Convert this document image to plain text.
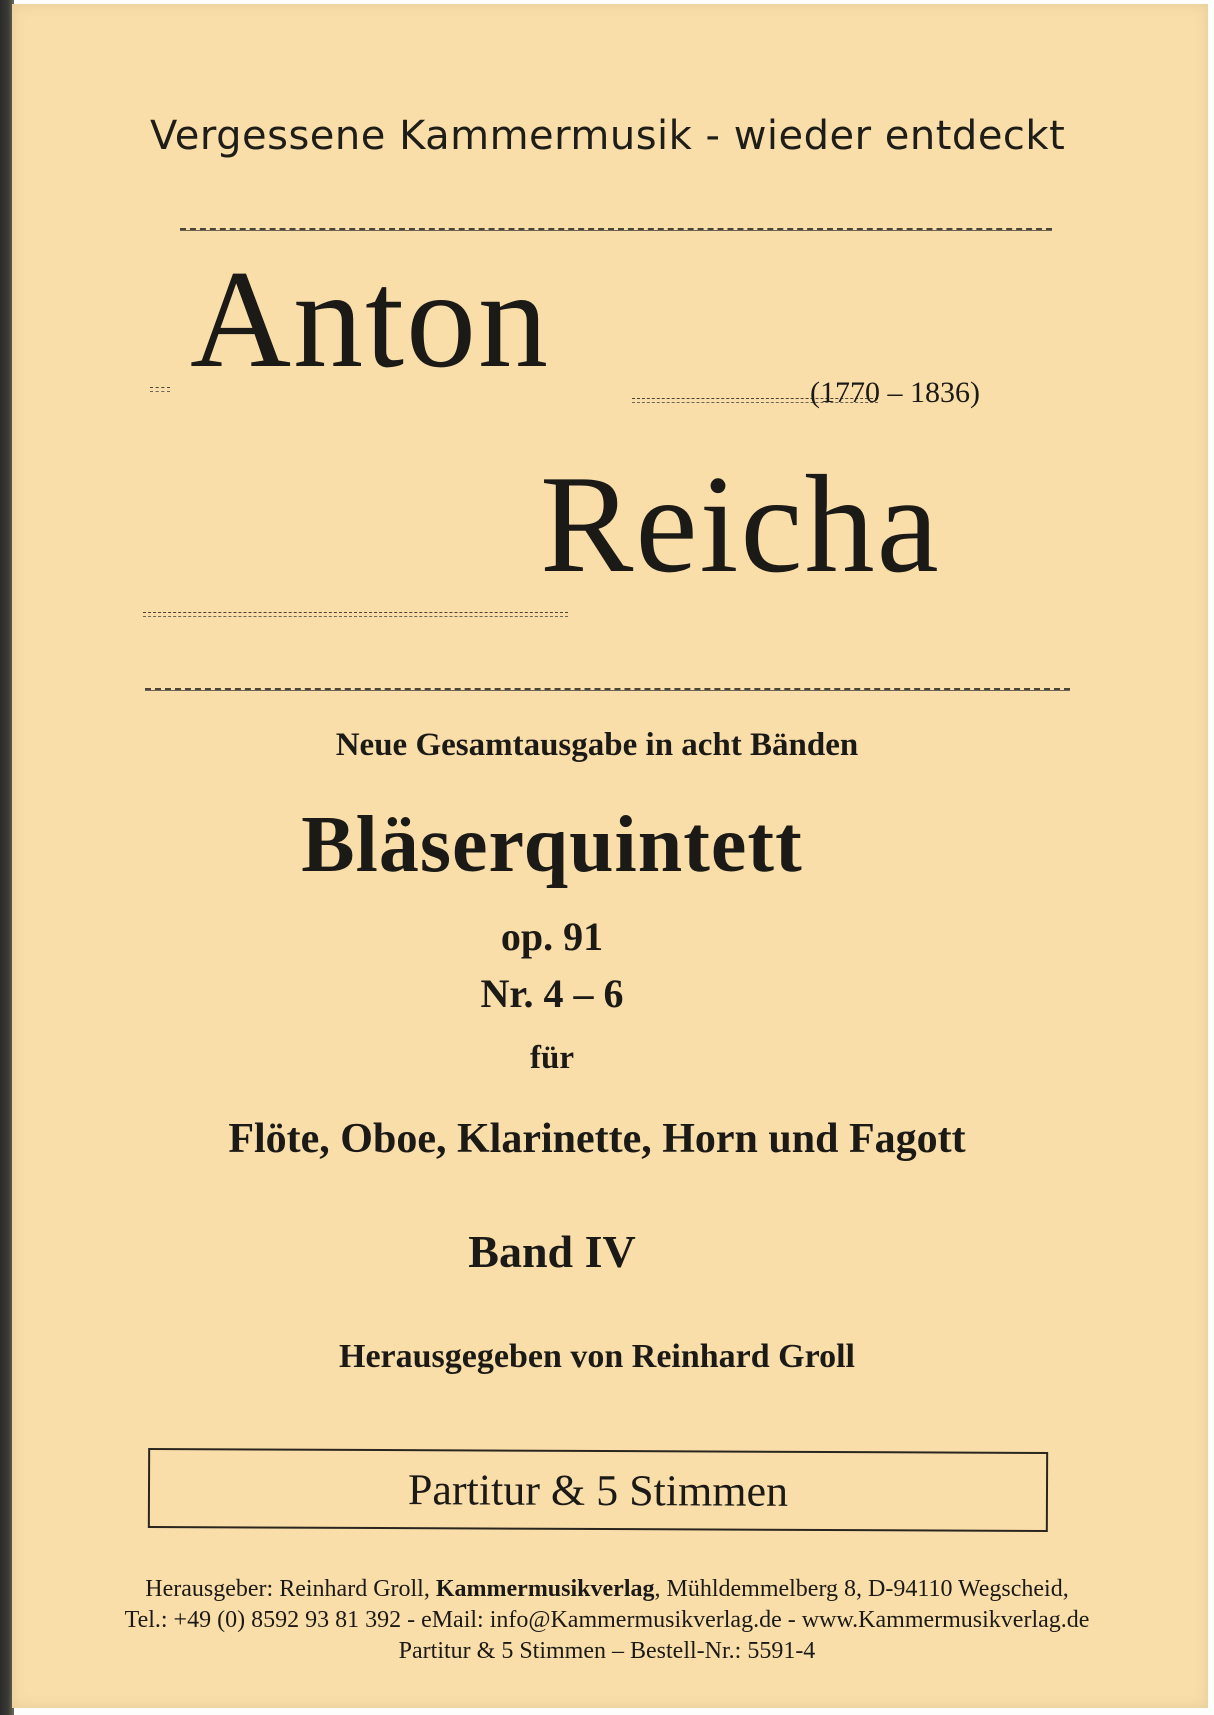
Vergessene Kammermusik - wieder entdeckt
Anton	(1770 – 1836)
Reicha
Neue Gesamtausgabe in acht Bänden
Bläserquintett
op. 91
Nr. 4 – 6
für
Flöte, Oboe, Klarinette, Horn und Fagott
Band IV
Herausgegeben von Reinhard Groll
Partitur & 5 Stimmen
Herausgeber: Reinhard Groll, Kammermusikverlag, Mühldemmelberg 8, D-94110 Wegscheid,
Tel.: +49 (0) 8592 93 81 392 - eMail: info@Kammermusikverlag.de - www.Kammermusikverlag.de
Partitur & 5 Stimmen – Bestell-Nr.: 5591-4
